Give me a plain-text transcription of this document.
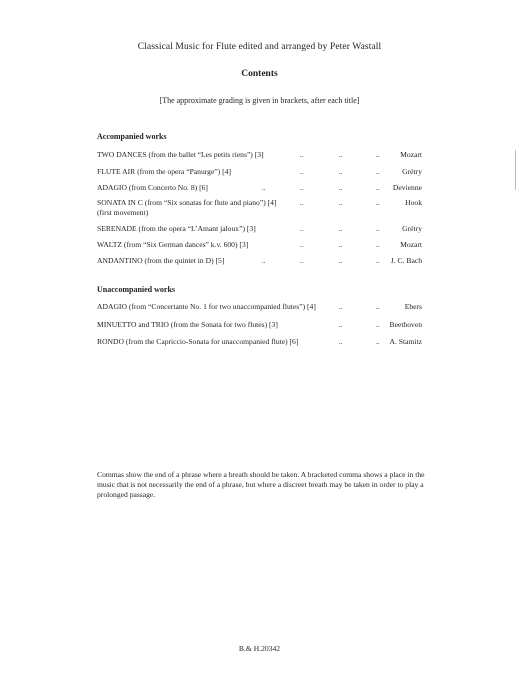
Classical Music for Flute edited and arranged by Peter Wastall
Contents
[The approximate grading is given in brackets, after each title]
Accompanied works
TWO DANCES (from the ballet “Les petits riens”) [3]	..	..	..	Mozart
FLUTE AIR (from the opera “Panurge”) [4]	..	..	..	Grétry
ADAGIO (from Concerto No. 8) [6]	..	..	..	.. Devienne
SONATA IN C (from “Six sonatas for flute and piano”) [4]
(first movement)
..	..	..	Hook
SERENADE (from the opera “L’Amant jaloux”) [3]	..	..	..	Grétry
WALTZ (from “Six German dances” k.v. 600) [3]	..	..	..	Mozart
ANDANTINO (from the quintet in D) [5]	..	..	..	.. J. C. Bach
Unaccompanied works
ADAGIO (from “Concertante No. 1 for two unaccompanied flutes”) [4]	..	..	Ebers
MINUETTO and TRIO (from the Sonata for two flutes) [3]	..	.. Beethoven
RONDO (from the Capriccio-Sonata for unaccompanied flute) [6]	..	.. A. Stamitz
Commas show the end of a phrase where a breath should be taken. A bracketed comma shows a place in the music that is not necessarily the end of a phrase, but where a discreet breath may be taken in order to play a prolonged passage.
B.& H.20342
